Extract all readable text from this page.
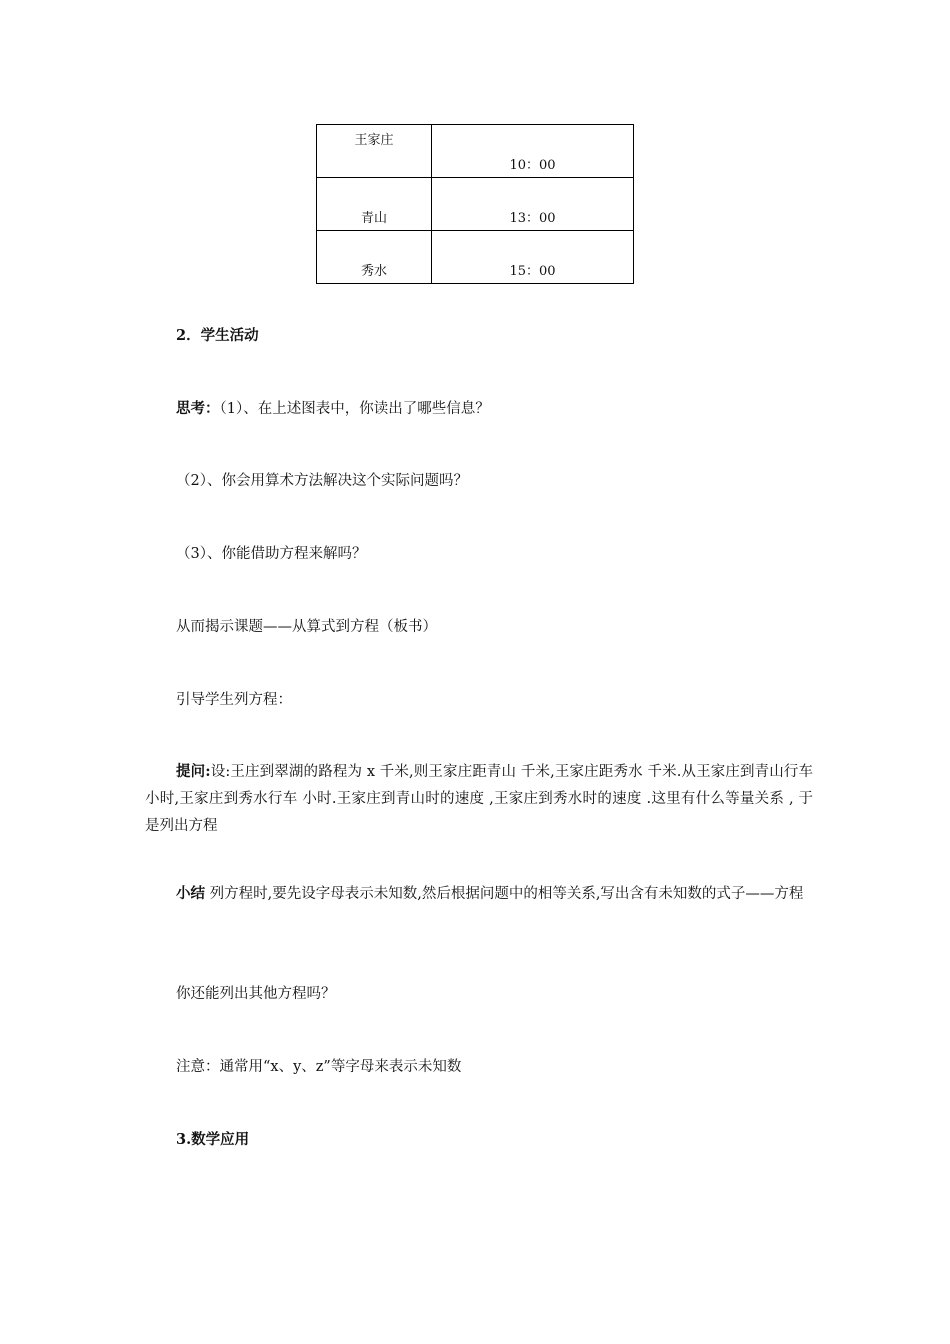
王家庄	10：00
青山	13：00
秀水	15：00
2．学生活动
思考：（1）、在上述图表中，你读出了哪些信息？
（2）、你会用算术方法解决这个实际问题吗？
（3）、你能借助方程来解吗？
从而揭示课题——从算式到方程（板书）
引导学生列方程：
提问:设:王庄到翠湖的路程为 x 千米,则王家庄距青山 千米,王家庄距秀水 千米.从王家庄到青山行车 小时,王家庄到秀水行车 小时.王家庄到青山时的速度 ,王家庄到秀水时的速度 .这里有什么等量关系 , 于是列出方程
小结 列方程时,要先设字母表示未知数,然后根据问题中的相等关系,写出含有未知数的式子——方程
你还能列出其他方程吗？
注意：通常用“x、y、z”等字母来表示未知数
3.数学应用
